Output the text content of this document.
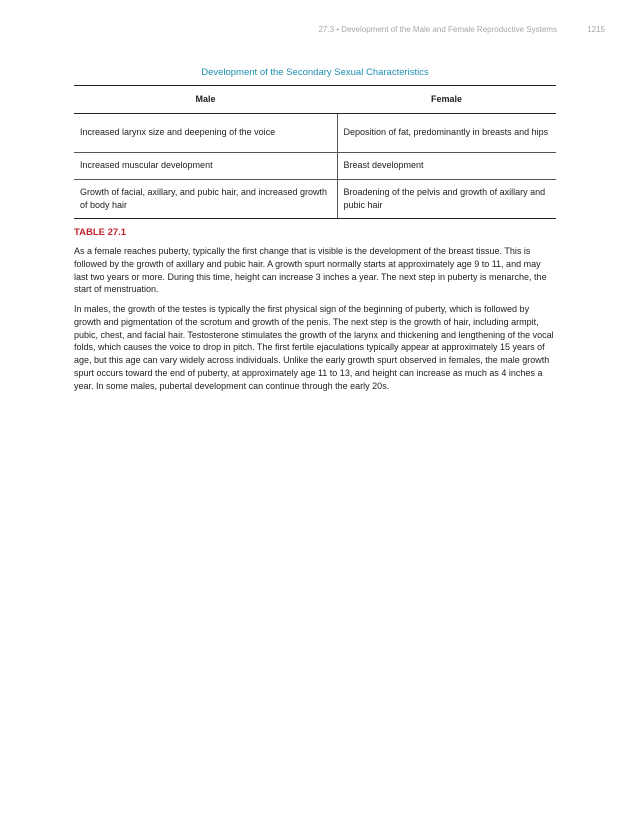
27.3 • Development of the Male and Female Reproductive Systems	1215
Development of the Secondary Sexual Characteristics
Male	Female
Increased larynx size and deepening of the voice	Deposition of fat, predominantly in breasts and hips
Increased muscular development	Breast development
Growth of facial, axillary, and pubic hair, and increased growth of body hair	Broadening of the pelvis and growth of axillary and pubic hair
TABLE 27.1

As a female reaches puberty, typically the first change that is visible is the development of the breast tissue. This is followed by the growth of axillary and pubic hair. A growth spurt normally starts at approximately age 9 to 11, and may last two years or more. During this time, height can increase 3 inches a year. The next step in puberty is menarche, the start of menstruation.

In males, the growth of the testes is typically the first physical sign of the beginning of puberty, which is followed by growth and pigmentation of the scrotum and growth of the penis. The next step is the growth of hair, including armpit, pubic, chest, and facial hair. Testosterone stimulates the growth of the larynx and thickening and lengthening of the vocal folds, which causes the voice to drop in pitch. The first fertile ejaculations typically appear at approximately 15 years of age, but this age can vary widely across individuals. Unlike the early growth spurt observed in females, the male growth spurt occurs toward the end of puberty, at approximately age 11 to 13, and height can increase as much as 4 inches a year. In some males, pubertal development can continue through the early 20s.
